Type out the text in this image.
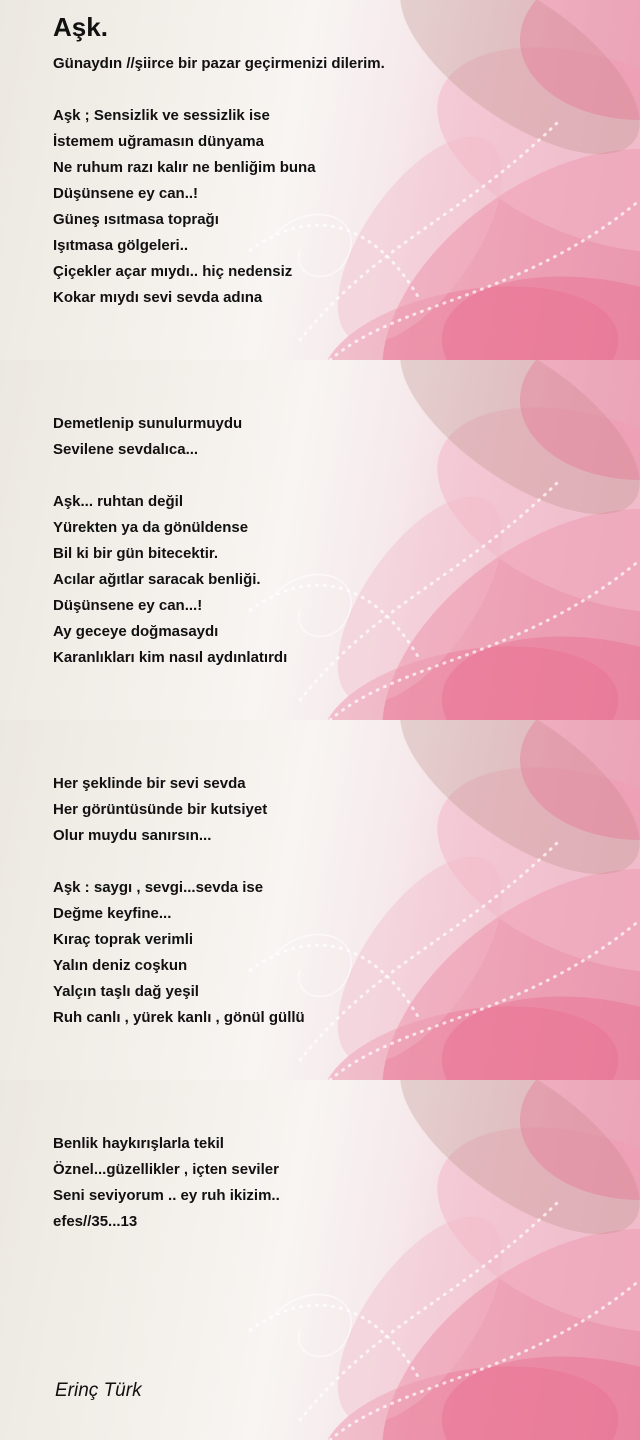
Aşk.

Günaydın //şiirce bir pazar geçirmenizi dilerim.

Aşk ; Sensizlik ve sessizlik ise
İstemem uğramasın dünyama
Ne ruhum razı kalır ne benliğim buna
Düşünsene ey can..!
Güneş ısıtmasa toprağı
Işıtmasa gölgeleri..
Çiçekler açar mıydı.. hiç nedensiz
Kokar mıydı sevi sevda adına

Demetlenip sunulurmuydu
Sevilene sevdalıca...

Aşk... ruhtan değil
Yürekten ya da gönüldense
Bil ki bir gün bitecektir.
Acılar ağıtlar saracak benliği.
Düşünsene ey can...!
Ay geceye doğmasaydı
Karanlıkları kim nasıl aydınlatırdı

Her şeklinde bir sevi sevda
Her görüntüsünde bir kutsiyet
Olur muydu sanırsın...

Aşk : saygı , sevgi...sevda ise
Değme keyfine...
Kıraç toprak verimli
Yalın deniz coşkun
Yalçın taşlı dağ yeşil
Ruh canlı , yürek kanlı , gönül güllü

Benlik haykırışlarla tekil
Öznel...güzellikler , içten seviler
Seni seviyorum .. ey ruh ikizim..
efes//35...13

Erinç Türk
